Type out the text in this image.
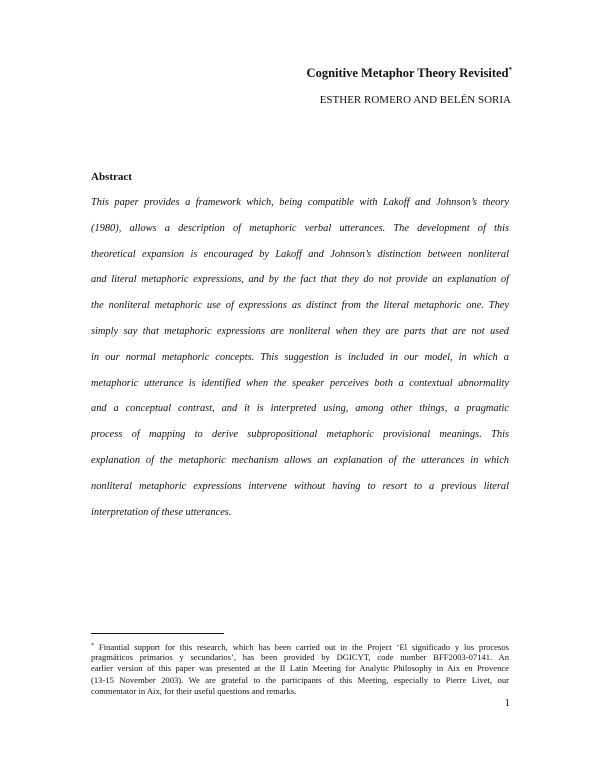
Cognitive Metaphor Theory Revisited*
ESTHER ROMERO AND BELÉN SORIA
Abstract
This paper provides a framework which, being compatible with Lakoff and Johnson’s theory
(1980), allows a description of metaphoric verbal utterances. The development of this
theoretical expansion is encouraged by Lakoff and Johnson’s distinction between nonliteral
and literal metaphoric expressions, and by the fact that they do not provide an explanation of
the nonliteral metaphoric use of expressions as distinct from the literal metaphoric one. They
simply say that metaphoric expressions are nonliteral when they are parts that are not used
in our normal metaphoric concepts. This suggestion is included in our model, in which a
metaphoric utterance is identified when the speaker perceives both a contextual abnormality
and a conceptual contrast, and it is interpreted using, among other things, a pragmatic
process of mapping to derive subpropositional metaphoric provisional meanings. This
explanation of the metaphoric mechanism allows an explanation of the utterances in which
nonliteral metaphoric expressions intervene without having to resort to a previous literal
interpretation of these utterances.
* Finantial support for this research, which has been carried out in the Project ‘El significado y los procesos
pragmáticos primarios y secundarios’, has been provided by DGICYT, code number BFF2003-07141. An
earlier version of this paper was presented at the II Latin Meeting for Analytic Philosophy in Aix en Provence
(13-15 November 2003). We are grateful to the participants of this Meeting, especially to Pierre Livet, our
commentator in Aix, for their useful questions and remarks.
1
